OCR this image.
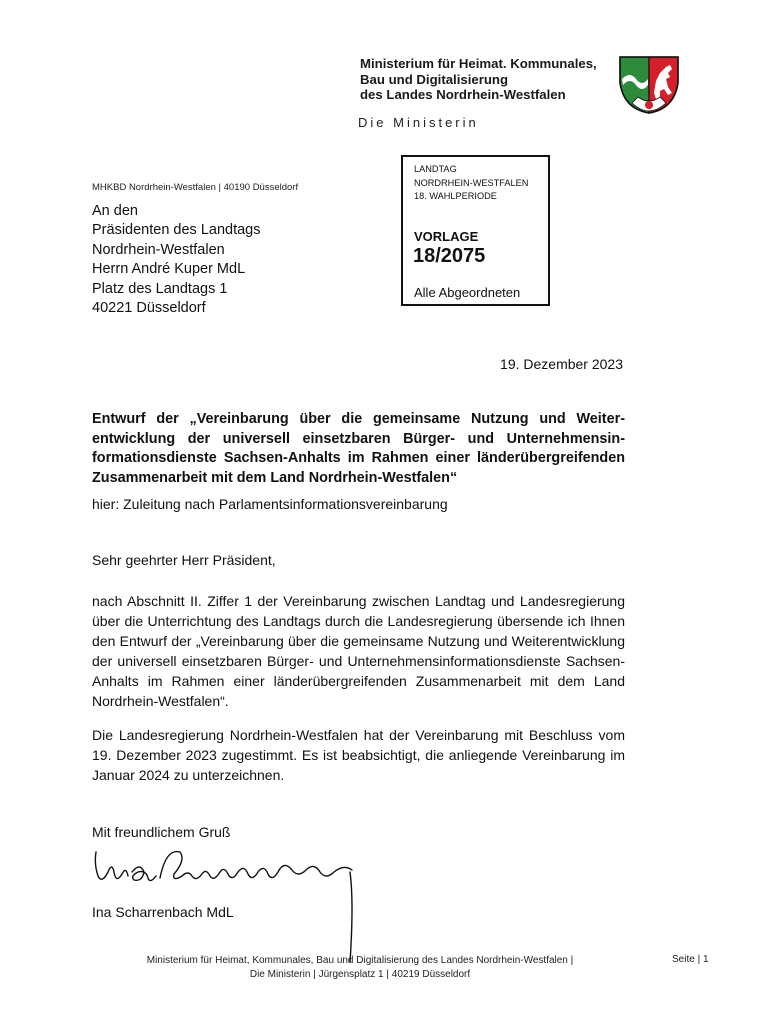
Ministerium für Heimat. Kommunales,
Bau und Digitalisierung
des Landes Nordrhein-Westfalen
Die Ministerin
MHKBD Nordrhein-Westfalen | 40190 Düsseldorf
An den
Präsidenten des Landtags
Nordrhein-Westfalen
Herrn André Kuper MdL
Platz des Landtags 1
40221 Düsseldorf
LANDTAG
NORDRHEIN-WESTFALEN
18. WAHLPERIODE
VORLAGE
18/2075
Alle Abgeordneten
19. Dezember 2023
Entwurf der „Vereinbarung über die gemeinsame Nutzung und Weiterentwicklung der universell einsetzbaren Bürger- und Unternehmensinformationsdienste Sachsen-Anhalts im Rahmen einer länderübergreifenden Zusammenarbeit mit dem Land Nordrhein-Westfalen“
hier: Zuleitung nach Parlamentsinformationsvereinbarung
Sehr geehrter Herr Präsident,
nach Abschnitt II. Ziffer 1 der Vereinbarung zwischen Landtag und Landesregierung über die Unterrichtung des Landtags durch die Landesregierung übersende ich Ihnen den Entwurf der „Vereinbarung über die gemeinsame Nutzung und Weiterentwicklung der universell einsetzbaren Bürger- und Unternehmensinformationsdienste Sachsen-Anhalts im Rahmen einer länderübergreifenden Zusammenarbeit mit dem Land Nordrhein-Westfalen“.
Die Landesregierung Nordrhein-Westfalen hat der Vereinbarung mit Beschluss vom 19. Dezember 2023 zugestimmt. Es ist beabsichtigt, die anliegende Vereinbarung im Januar 2024 zu unterzeichnen.
Mit freundlichem Gruß
Ina Scharrenbach MdL
Ministerium für Heimat, Kommunales, Bau und Digitalisierung des Landes Nordrhein-Westfalen |
Die Ministerin | Jürgensplatz 1 | 40219 Düsseldorf
Seite | 1
